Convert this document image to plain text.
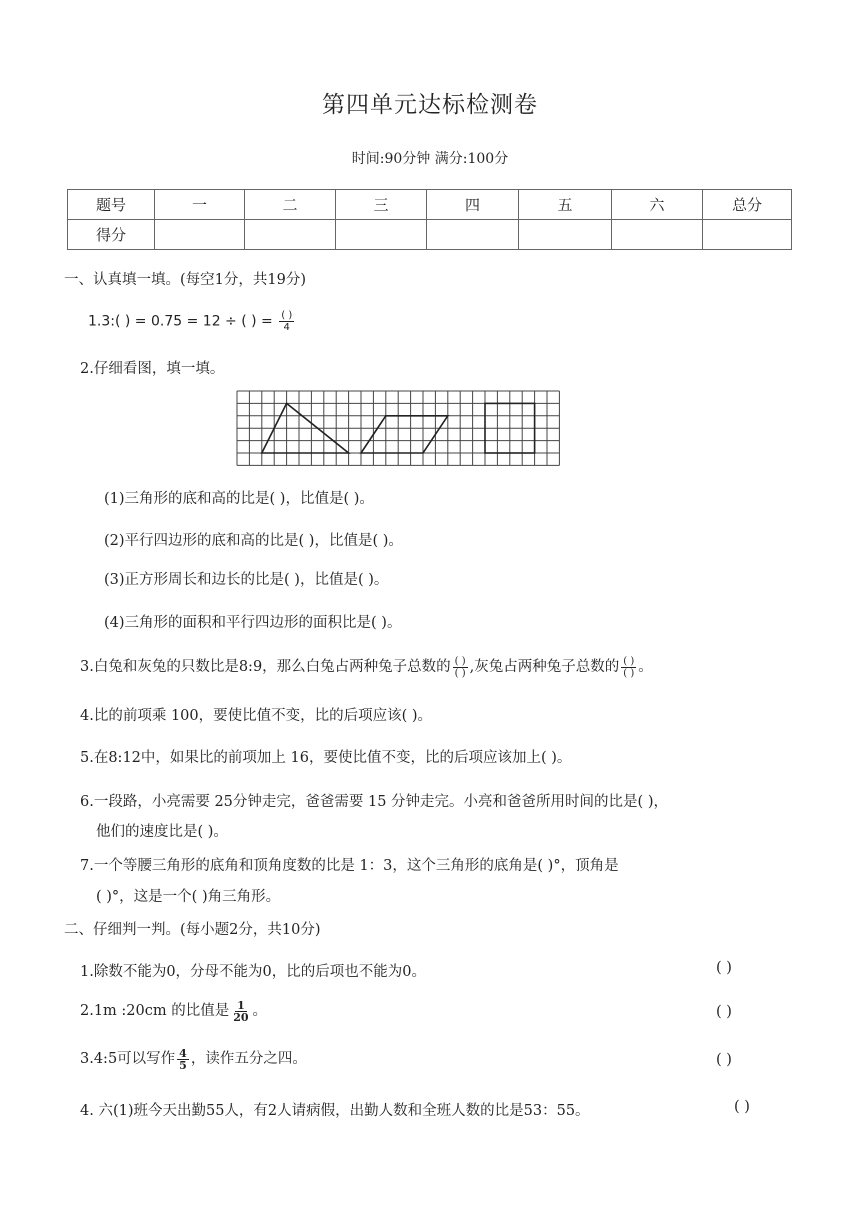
第四单元达标检测卷
时间:90分钟 满分:100分
题号	一	二	三	四	五	六	总分
得分							
一、认真填一填。(每空1分，共19分)
1.3:( ) = 0.75 = 12 ÷ ( ) = $\frac{( )}{4}$
2.仔细看图，填一填。
(1)三角形的底和高的比是( )，比值是( )。
(2)平行四边形的底和高的比是( )，比值是( )。
(3)正方形周长和边长的比是( )，比值是( )。
(4)三角形的面积和平行四边形的面积比是( )。
3.白兔和灰兔的只数比是8:9，那么白兔占两种兔子总数的 $\frac{( )}{( )}$ ,灰兔占两种兔子总数的 $\frac{( )}{( )}$ 。
4.比的前项乘 100，要使比值不变，比的后项应该( )。
5.在8:12中，如果比的前项加上 16，要使比值不变，比的后项应该加上( )。
6.一段路，小亮需要 25分钟走完，爸爸需要 15 分钟走完。小亮和爸爸所用时间的比是( )，
他们的速度比是( )。
7.一个等腰三角形的底角和顶角度数的比是 1：3，这个三角形的底角是( )°，顶角是
( )°，这是一个( )角三角形。
二、仔细判一判。(每小题2分，共10分)
1.除数不能为0，分母不能为0，比的后项也不能为0。	( )
2.1m :20cm 的比值是 $\frac{1}{20}$ 。	( )
3.4:5可以写作 $\frac{4}{5}$ ，读作五分之四。	( )
4. 六(1)班今天出勤55人，有2人请病假，出勤人数和全班人数的比是53：55。	( )
